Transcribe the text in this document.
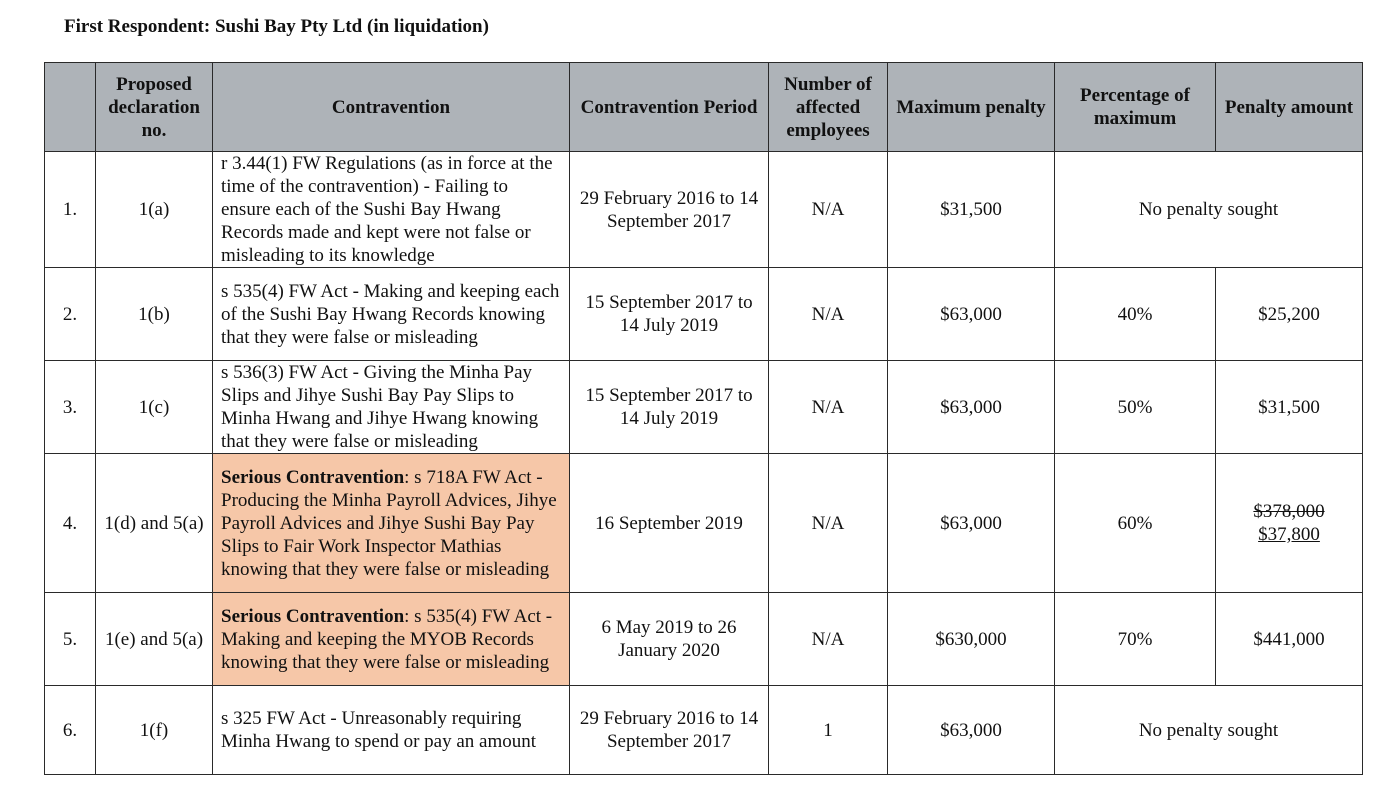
First Respondent: Sushi Bay Pty Ltd (in liquidation)
	Proposed declaration no.	Contravention	Contravention Period	Number of affected employees	Maximum penalty	Percentage of maximum	Penalty amount
1.	1(a)	r 3.44(1) FW Regulations (as in force at the time of the contravention) - Failing to ensure each of the Sushi Bay Hwang Records made and kept were not false or misleading to its knowledge	29 February 2016 to 14 September 2017	N/A	$31,500	No penalty sought	
2.	1(b)	s 535(4) FW Act - Making and keeping each of the Sushi Bay Hwang Records knowing that they were false or misleading	15 September 2017 to 14 July 2019	N/A	$63,000	40%	$25,200
3.	1(c)	s 536(3) FW Act - Giving the Minha Pay Slips and Jihye Sushi Bay Pay Slips to Minha Hwang and Jihye Hwang knowing that they were false or misleading	15 September 2017 to 14 July 2019	N/A	$63,000	50%	$31,500
4.	1(d) and 5(a)	Serious Contravention: s 718A FW Act - Producing the Minha Payroll Advices, Jihye Payroll Advices and Jihye Sushi Bay Pay Slips to Fair Work Inspector Mathias knowing that they were false or misleading	16 September 2019	N/A	$63,000	60%	$378,000
$37,800

5.	1(e) and 5(a)	Serious Contravention: s 535(4) FW Act - Making and keeping the MYOB Records knowing that they were false or misleading	6 May 2019 to 26 January 2020	N/A	$630,000	70%	$441,000
6.	1(f)	s 325 FW Act - Unreasonably requiring Minha Hwang to spend or pay an amount	29 February 2016 to 14 September 2017	1	$63,000	No penalty sought	
